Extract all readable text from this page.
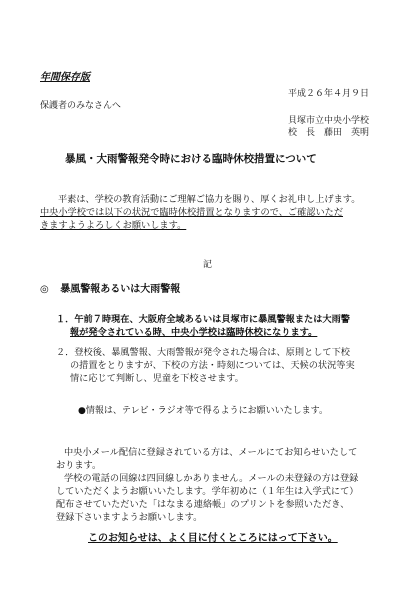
年間保存版
平成２６年４月９日
保護者のみなさんへ
貝塚市立中央小学校
校　長　藤田　英明
暴風・大雨警報発令時における臨時休校措置について
平素は、学校の教育活動にご理解ご協力を賜り、厚くお礼申し上げます。
中央小学校では以下の状況で臨時休校措置となりますので、ご確認いただ
きますようよろしくお願いします。
記
◎ 暴風警報あるいは大雨警報
１．午前７時現在、大阪府全域あるいは貝塚市に暴風警報または大雨警
報が発令されている時、中央小学校は臨時休校になります。
２．登校後、暴風警報、大雨警報が発令された場合は、原則として下校
の措置をとりますが、下校の方法・時刻については、天候の状況等実
情に応じて判断し、児童を下校させます。
●情報は、テレビ・ラジオ等で得るようにお願いいたします。
中央小メール配信に登録されている方は、メールにてお知らせいたして
おります。
学校の電話の回線は四回線しかありません。メールの未登録の方は登録
していただくようお願いいたします。学年初めに（１年生は入学式にて）
配布させていただいた「はなまる連絡帳」のプリントを参照いただき、
登録下さいますようお願いします。
このお知らせは、よく目に付くところにはって下さい。
